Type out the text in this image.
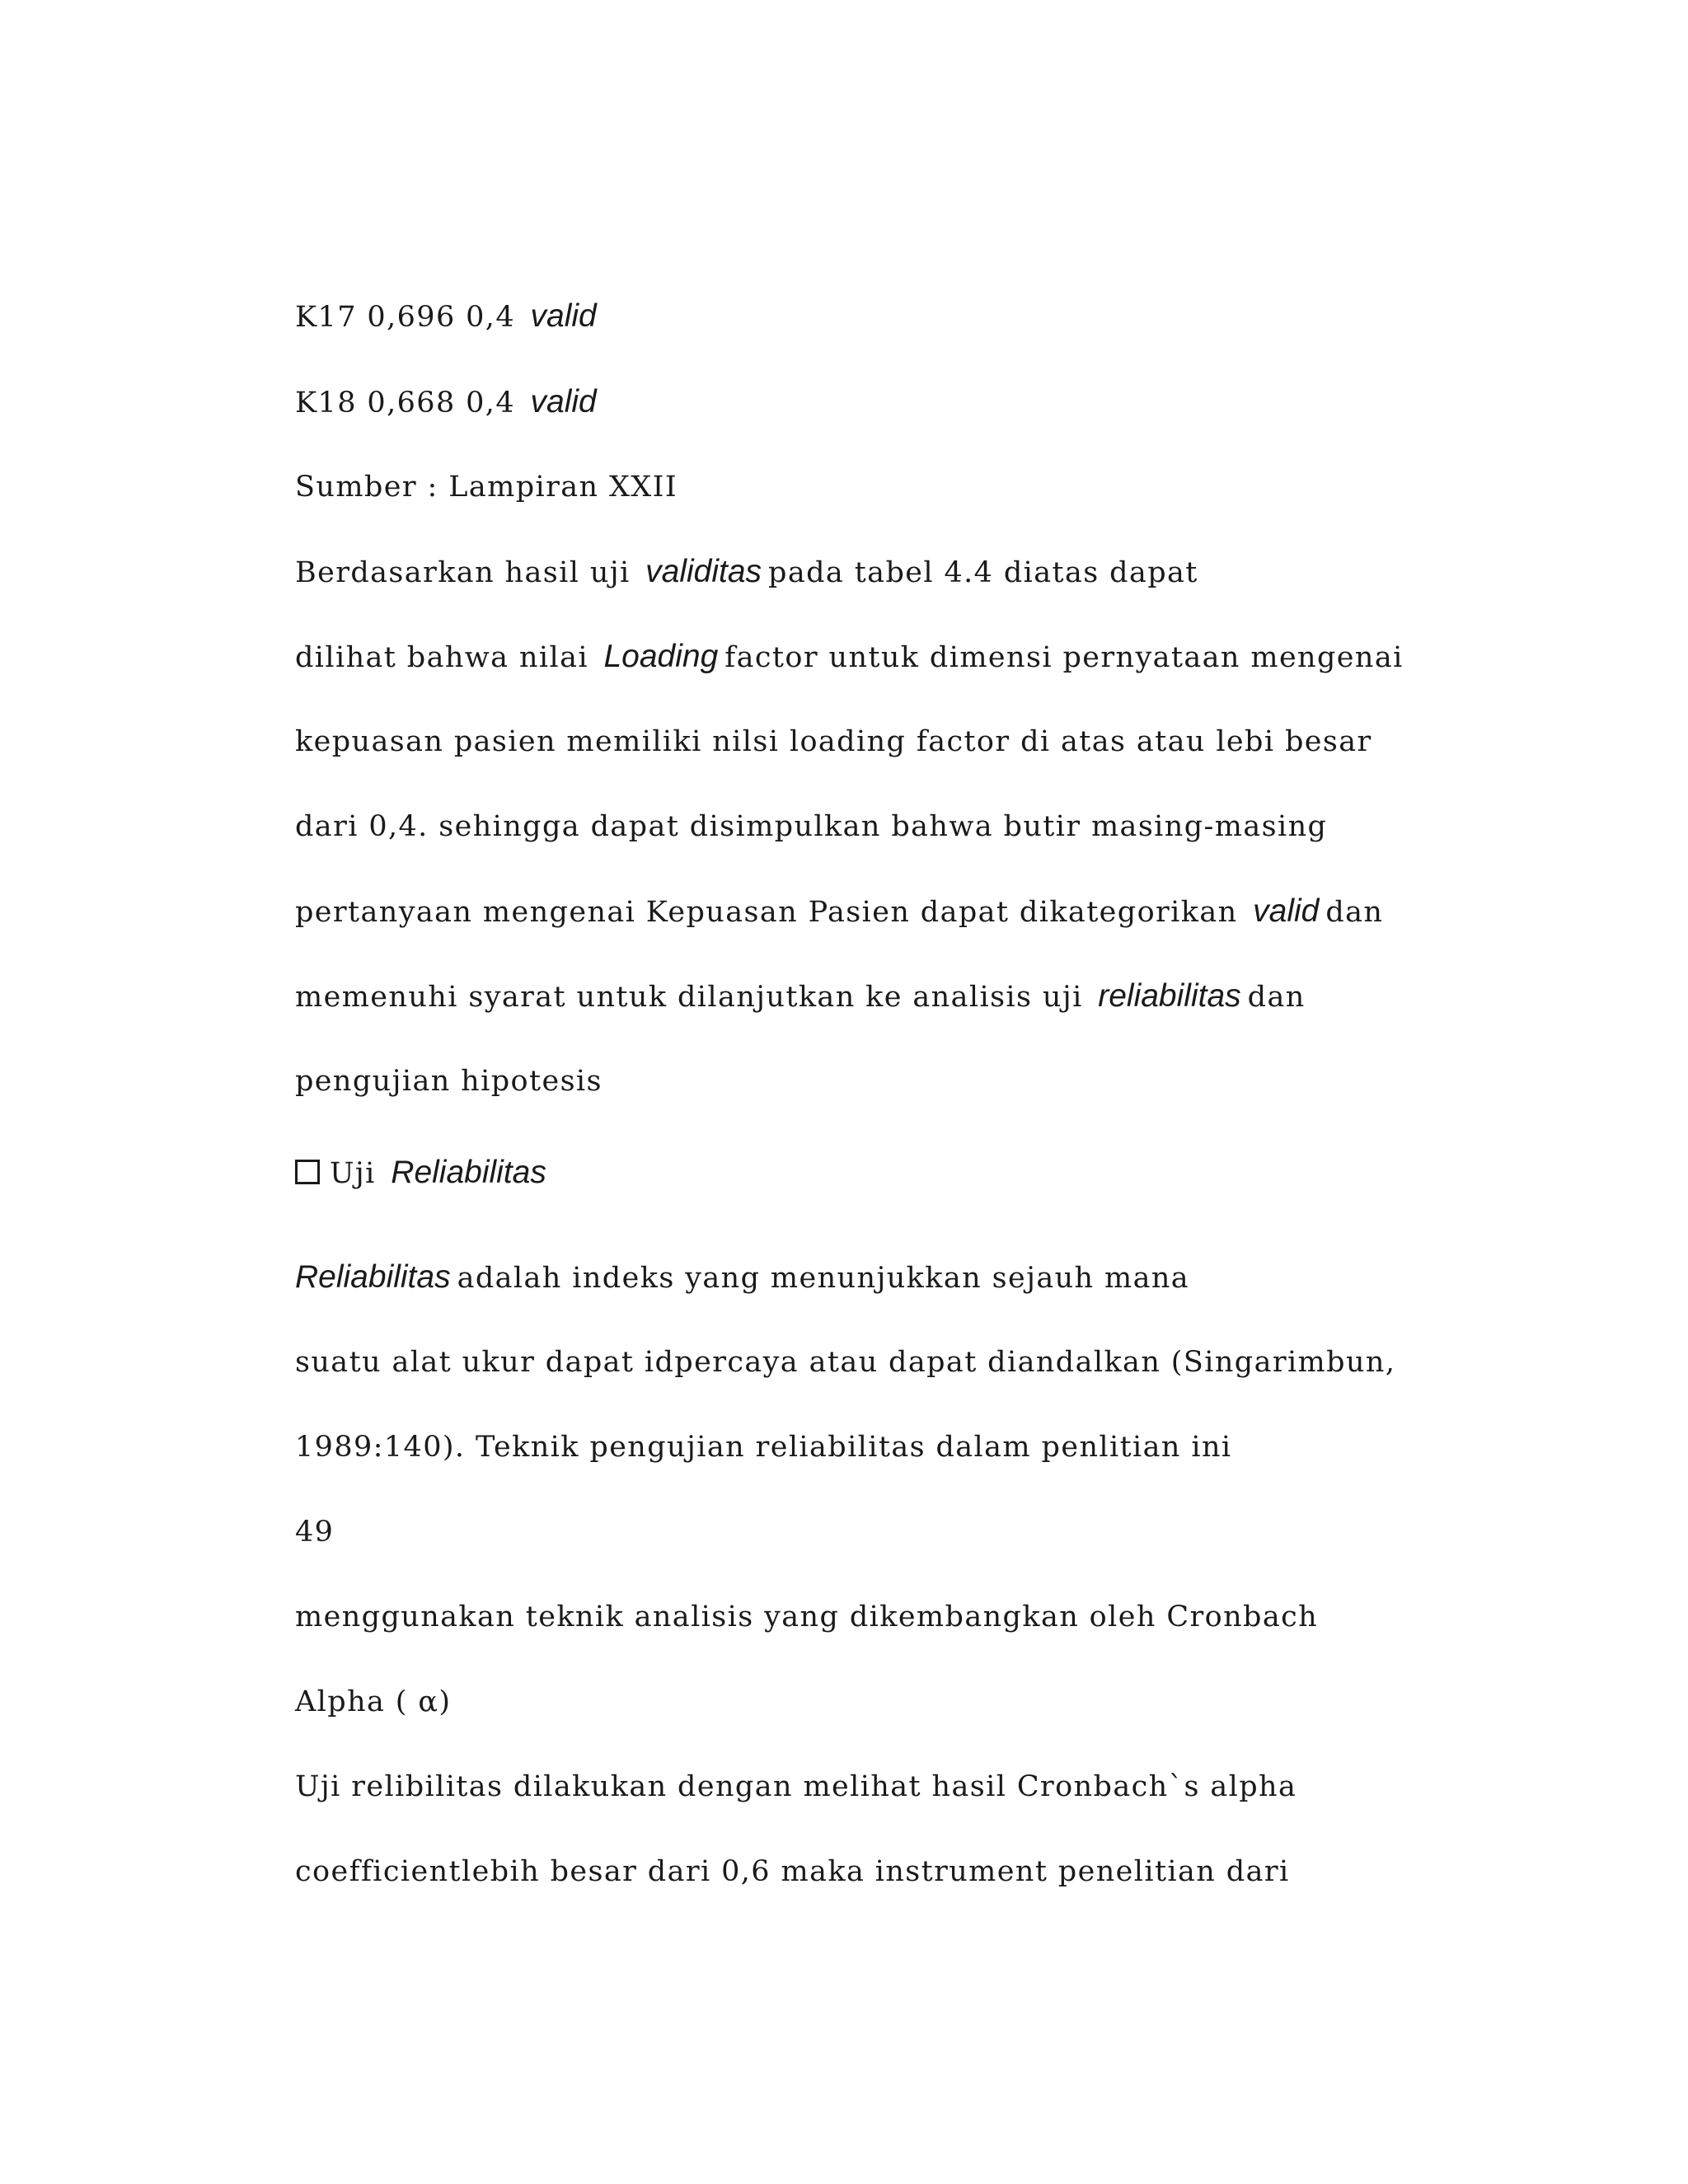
K17 0,696 0,4 valid
K18 0,668 0,4 valid
Sumber : Lampiran XXII
Berdasarkan hasil uji validitas pada tabel 4.4 diatas dapat
dilihat bahwa nilai Loading factor untuk dimensi pernyataan mengenai
kepuasan pasien memiliki nilsi loading factor di atas atau lebi besar
dari 0,4. sehingga dapat disimpulkan bahwa butir masing-masing
pertanyaan mengenai Kepuasan Pasien dapat dikategorikan valid dan
memenuhi syarat untuk dilanjutkan ke analisis uji reliabilitas dan
pengujian hipotesis
Uji Reliabilitas
Reliabilitas adalah indeks yang menunjukkan sejauh mana
suatu alat ukur dapat idpercaya atau dapat diandalkan (Singarimbun,
1989:140). Teknik pengujian reliabilitas dalam penlitian ini
49
menggunakan teknik analisis yang dikembangkan oleh Cronbach
Alpha ( α)
Uji relibilitas dilakukan dengan melihat hasil Cronbach`s alpha
coefficientlebih besar dari 0,6 maka instrument penelitian dari
